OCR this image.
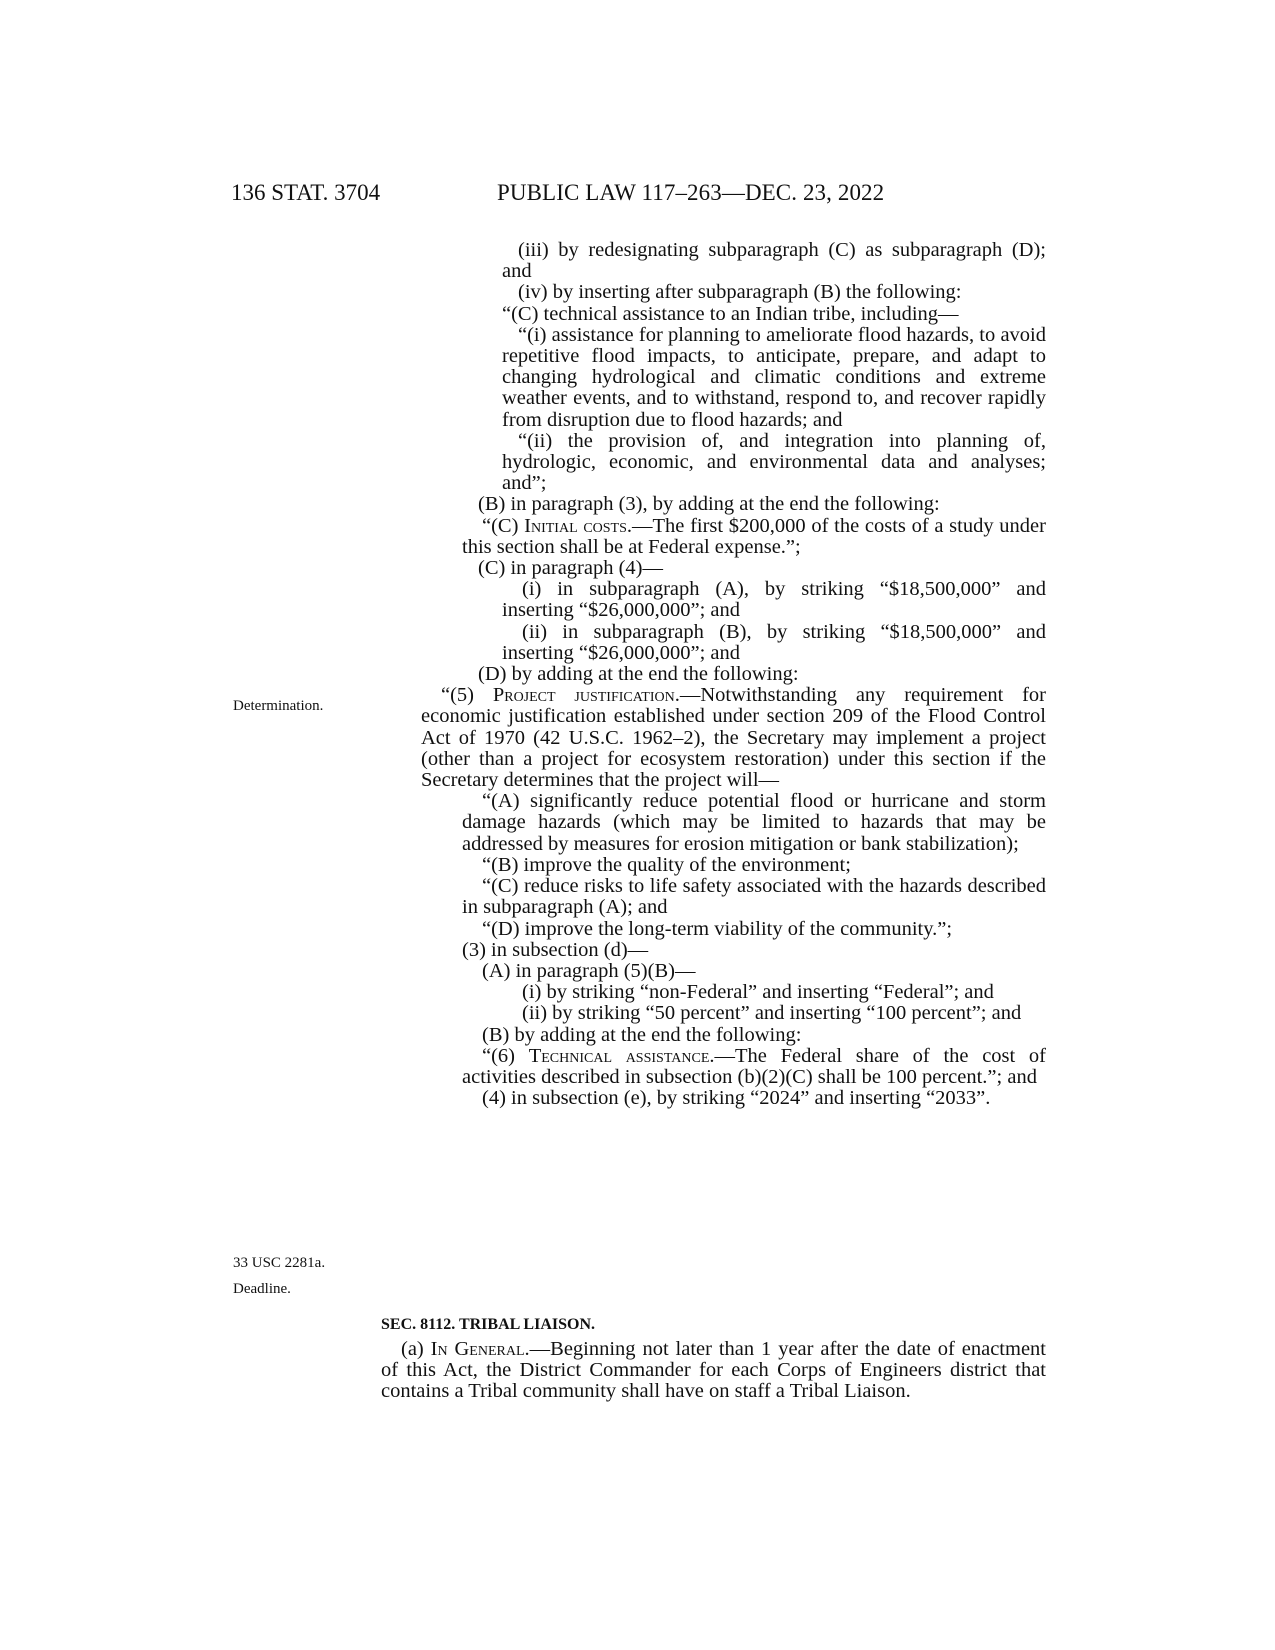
136 STAT. 3704	PUBLIC LAW 117–263—DEC. 23, 2022
Determination.
33 USC 2281a.
Deadline.

(iii) by redesignating subparagraph (C) as subparagraph (D); and

(iv) by inserting after subparagraph (B) the following:

“(C) technical assistance to an Indian tribe, including—

“(i) assistance for planning to ameliorate flood hazards, to avoid repetitive flood impacts, to anticipate, prepare, and adapt to changing hydrological and climatic conditions and extreme weather events, and to withstand, respond to, and recover rapidly from disruption due to flood hazards; and

“(ii) the provision of, and integration into planning of, hydrologic, economic, and environmental data and analyses; and”;

(B) in paragraph (3), by adding at the end the following:

“(C) Initial costs.—The first $200,000 of the costs of a study under this section shall be at Federal expense.”;

(C) in paragraph (4)—

(i) in subparagraph (A), by striking “$18,500,000” and inserting “$26,000,000”; and

(ii) in subparagraph (B), by striking “$18,500,000” and inserting “$26,000,000”; and

(D) by adding at the end the following:

“(5) Project justification.—Notwithstanding any requirement for economic justification established under section 209 of the Flood Control Act of 1970 (42 U.S.C. 1962–2), the Secretary may implement a project (other than a project for ecosystem restoration) under this section if the Secretary determines that the project will—

“(A) significantly reduce potential flood or hurricane and storm damage hazards (which may be limited to hazards that may be addressed by measures for erosion mitigation or bank stabilization);

“(B) improve the quality of the environment;

“(C) reduce risks to life safety associated with the hazards described in subparagraph (A); and

“(D) improve the long-term viability of the community.”;

(3) in subsection (d)—

(A) in paragraph (5)(B)—

(i) by striking “non-Federal” and inserting “Federal”; and

(ii) by striking “50 percent” and inserting “100 percent”; and

(B) by adding at the end the following:

“(6) Technical assistance.—The Federal share of the cost of activities described in subsection (b)(2)(C) shall be 100 percent.”; and

(4) in subsection (e), by striking “2024” and inserting “2033”.

SEC. 8112. TRIBAL LIAISON.

(a) In General.—Beginning not later than 1 year after the date of enactment of this Act, the District Commander for each Corps of Engineers district that contains a Tribal community shall have on staff a Tribal Liaison.
